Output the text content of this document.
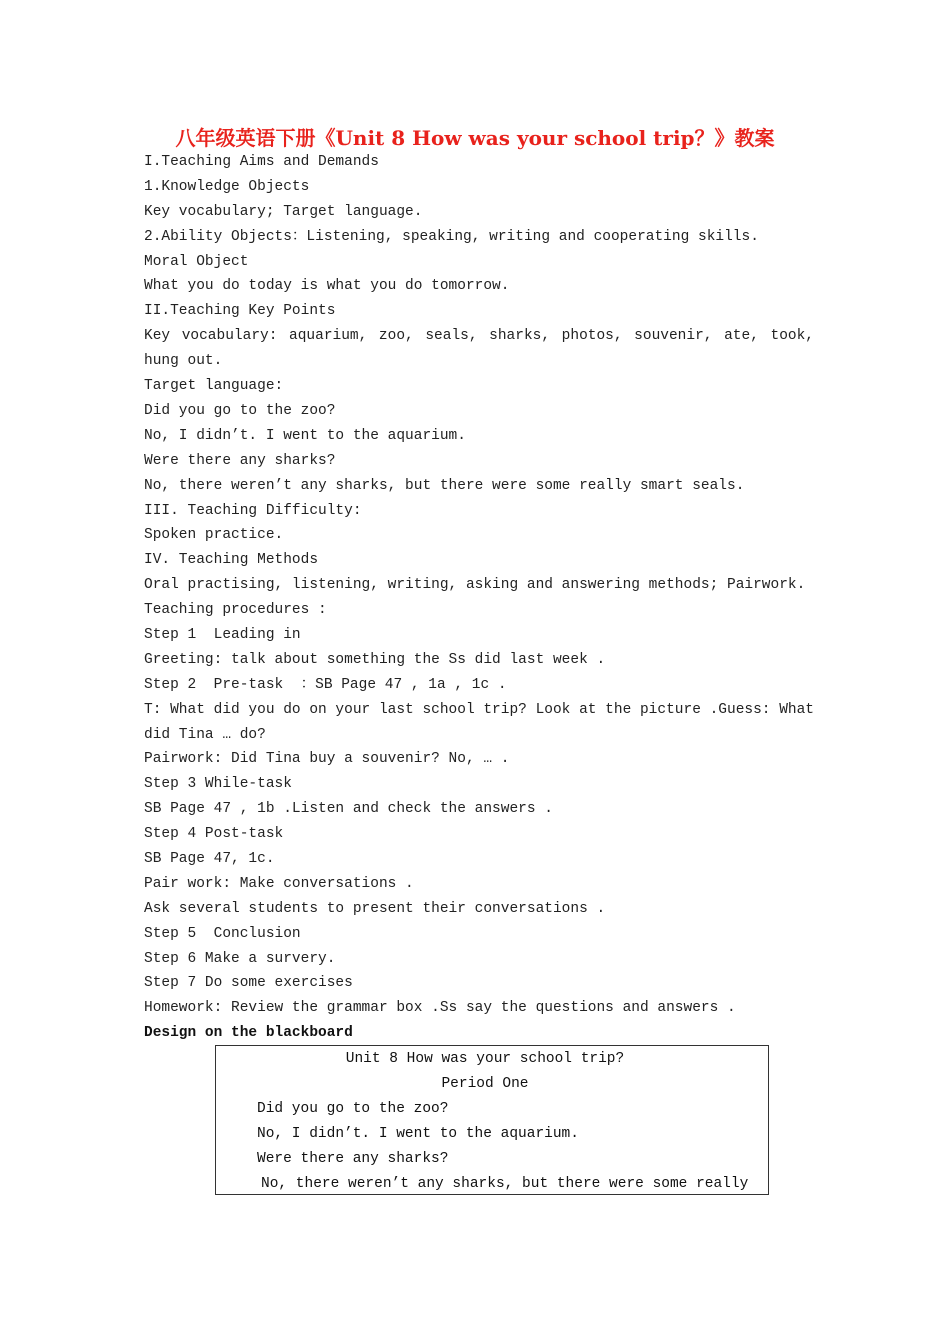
八年级英语下册《Unit 8 How was your school trip？》教案
I.Teaching Aims and Demands
1.Knowledge Objects
Key vocabulary; Target language.
2.Ability Objects：Listening, speaking, writing and cooperating skills.
Moral Object
What you do today is what you do tomorrow.
II.Teaching Key Points
Key vocabulary: aquarium, zoo, seals, sharks, photos, souvenir, ate, took, hung out.
Target language:
Did you go to the zoo?
No, I didn’t. I went to the aquarium.
Were there any sharks?
No, there weren’t any sharks, but there were some really smart seals.
III. Teaching Difficulty:
Spoken practice.
IV. Teaching Methods
Oral practising, listening, writing, asking and answering methods; Pairwork.
Teaching procedures :
Step 1  Leading in
Greeting: talk about something the Ss did last week .
Step 2  Pre-task  ：SB Page 47 , 1a , 1c .
T: What did you do on your last school trip? Look at the picture .Guess: What did Tina … do?
Pairwork: Did Tina buy a souvenir? No, … .
Step 3 While-task
SB Page 47 , 1b .Listen and check the answers .
Step 4 Post-task
SB Page 47, 1c.
Pair work: Make conversations .
Ask several students to present their conversations .
Step 5  Conclusion
Step 6 Make a survery.
Step 7 Do some exercises
Homework: Review the grammar box .Ss say the questions and answers .
Design on the blackboard
Unit 8 How was your school trip?
Period One
Did you go to the zoo?
No, I didn’t. I went to the aquarium.
Were there any sharks?
No, there weren’t any sharks, but there were some really
